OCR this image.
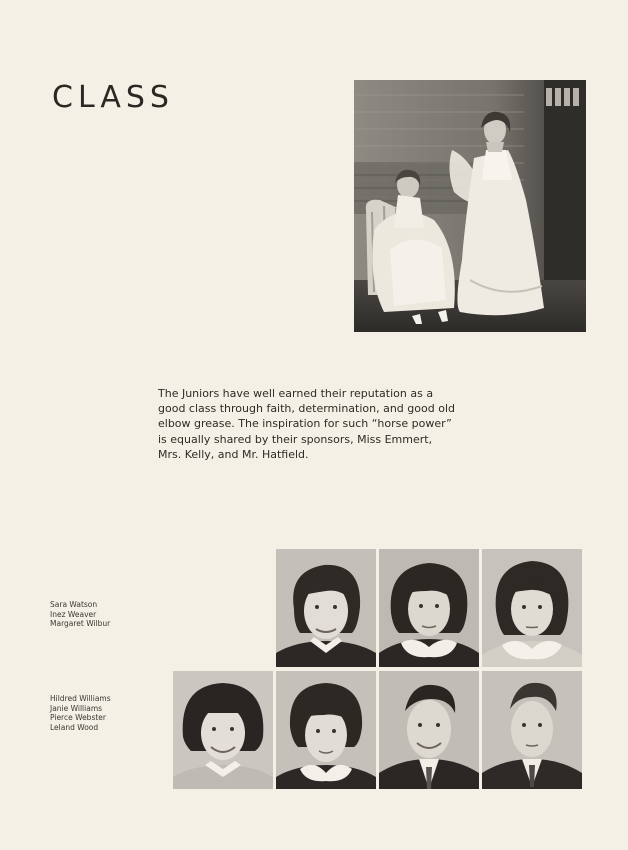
CLASS

The Juniors have well earned their reputation as a good class through faith, determination, and good old elbow grease. The inspiration for such “horse power” is equally shared by their sponsors, Miss Emmert, Mrs. Kelly, and Mr. Hatfield.

Sara Watson
Inez Weaver
Margaret Wilbur
Hildred Williams
Janie Williams
Pierce Webster
Leland Wood
